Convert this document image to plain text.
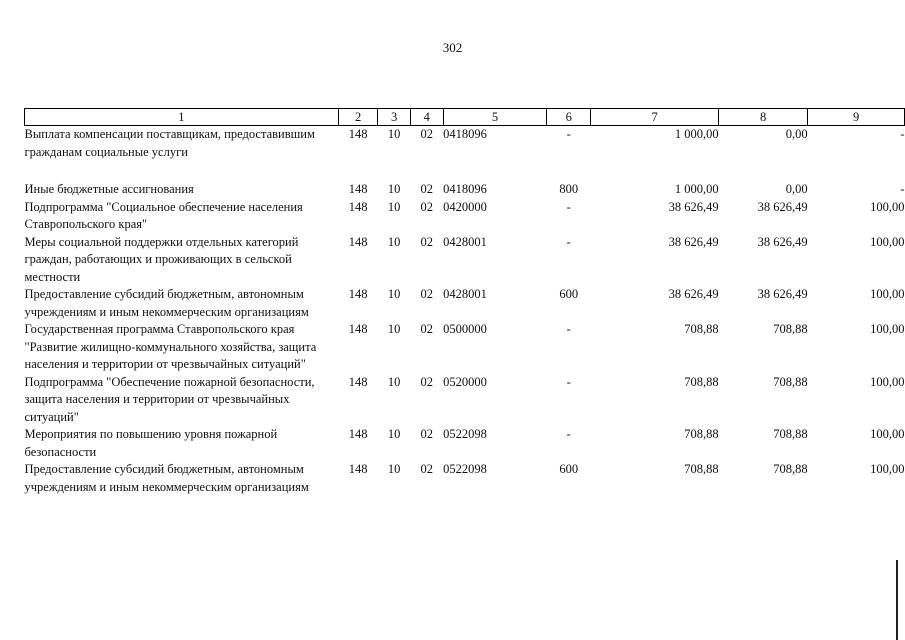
302
1	2	3	4	5	6	7	8	9
Выплата компенсации поставщикам, предоставившим гражданам социальные услуги	148	10	02	0418096	-	1 000,00	0,00	-

Иные бюджетные ассигнования	148	10	02	0418096	800	1 000,00	0,00	-
Подпрограмма "Социальное обеспечение населения Ставропольского края"	148	10	02	0420000	-	38 626,49	38 626,49	100,00
Меры социальной поддержки отдельных категорий граждан, работающих и проживающих в сельской местности	148	10	02	0428001	-	38 626,49	38 626,49	100,00
Предоставление субсидий бюджетным, автономным учреждениям и иным некоммерческим организациям	148	10	02	0428001	600	38 626,49	38 626,49	100,00
Государственная программа Ставропольского края "Развитие жилищно-коммунального хозяйства, защита населения и территории от чрезвычайных ситуаций"	148	10	02	0500000	-	708,88	708,88	100,00
Подпрограмма "Обеспечение пожарной безопасности, защита населения и территории от чрезвычайных ситуаций"	148	10	02	0520000	-	708,88	708,88	100,00
Мероприятия по повышению уровня пожарной безопасности	148	10	02	0522098	-	708,88	708,88	100,00
Предоставление субсидий бюджетным, автономным учреждениям и иным некоммерческим организациям	148	10	02	0522098	600	708,88	708,88	100,00
